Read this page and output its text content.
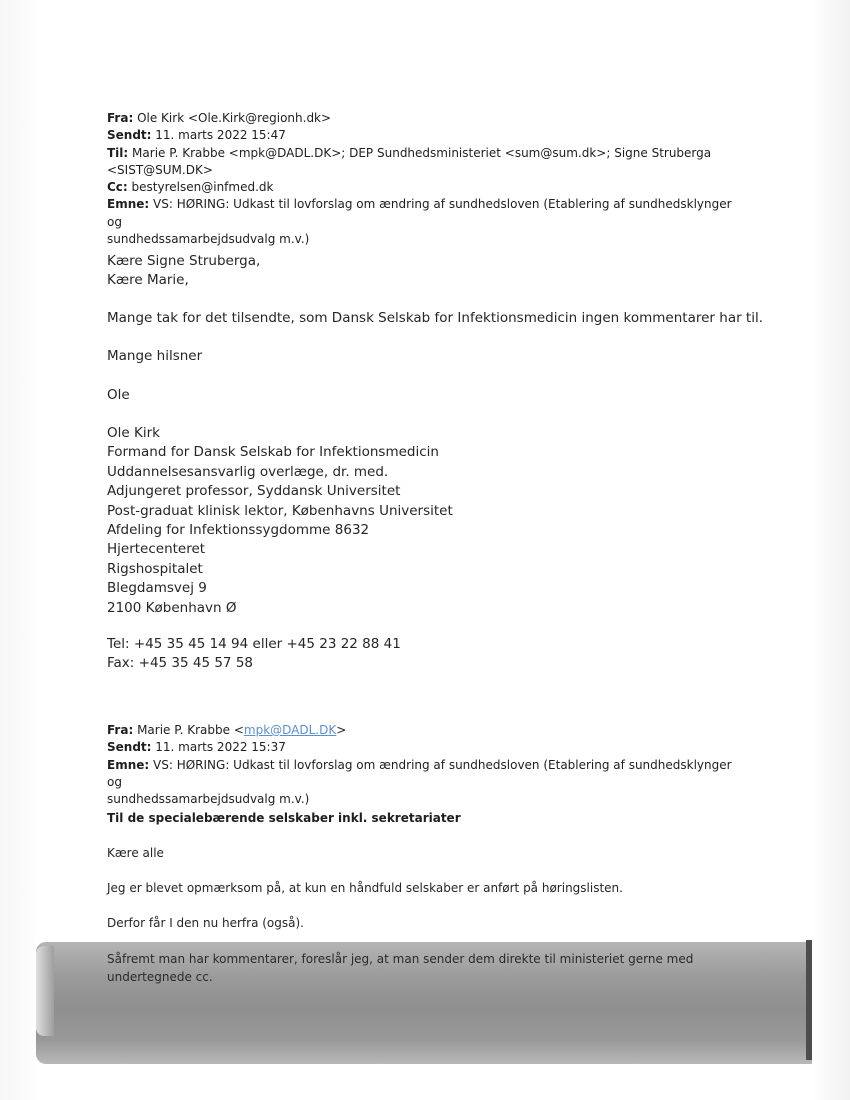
Fra: Ole Kirk <Ole.Kirk@regionh.dk>
Sendt: 11. marts 2022 15:47
Til: Marie P. Krabbe <mpk@DADL.DK>; DEP Sundhedsministeriet <sum@sum.dk>; Signe Struberga
<SIST@SUM.DK>
Cc: bestyrelsen@infmed.dk
Emne: VS: HØRING: Udkast til lovforslag om ændring af sundhedsloven (Etablering af sundhedsklynger og
sundhedssamarbejdsudvalg m.v.)
Kære Signe Struberga,
Kære Marie,
Mange tak for det tilsendte, som Dansk Selskab for Infektionsmedicin ingen kommentarer har til.
Mange hilsner
Ole
Ole Kirk
Formand for Dansk Selskab for Infektionsmedicin
Uddannelsesansvarlig overlæge, dr. med.
Adjungeret professor, Syddansk Universitet
Post-graduat klinisk lektor, Københavns Universitet
Afdeling for Infektionssygdomme 8632
Hjertecenteret
Rigshospitalet
Blegdamsvej 9
2100 København Ø
Tel: +45 35 45 14 94 eller +45 23 22 88 41
Fax: +45 35 45 57 58
Fra: Marie P. Krabbe <mpk@DADL.DK>
Sendt: 11. marts 2022 15:37
Emne: VS: HØRING: Udkast til lovforslag om ændring af sundhedsloven (Etablering af sundhedsklynger og
sundhedssamarbejdsudvalg m.v.)
Til de specialebærende selskaber inkl. sekretariater
Kære alle
Jeg er blevet opmærksom på, at kun en håndfuld selskaber er anført på høringslisten.
Derfor får I den nu herfra (også).
Såfremt man har kommentarer, foreslår jeg, at man sender dem direkte til ministeriet gerne med
undertegnede cc.
